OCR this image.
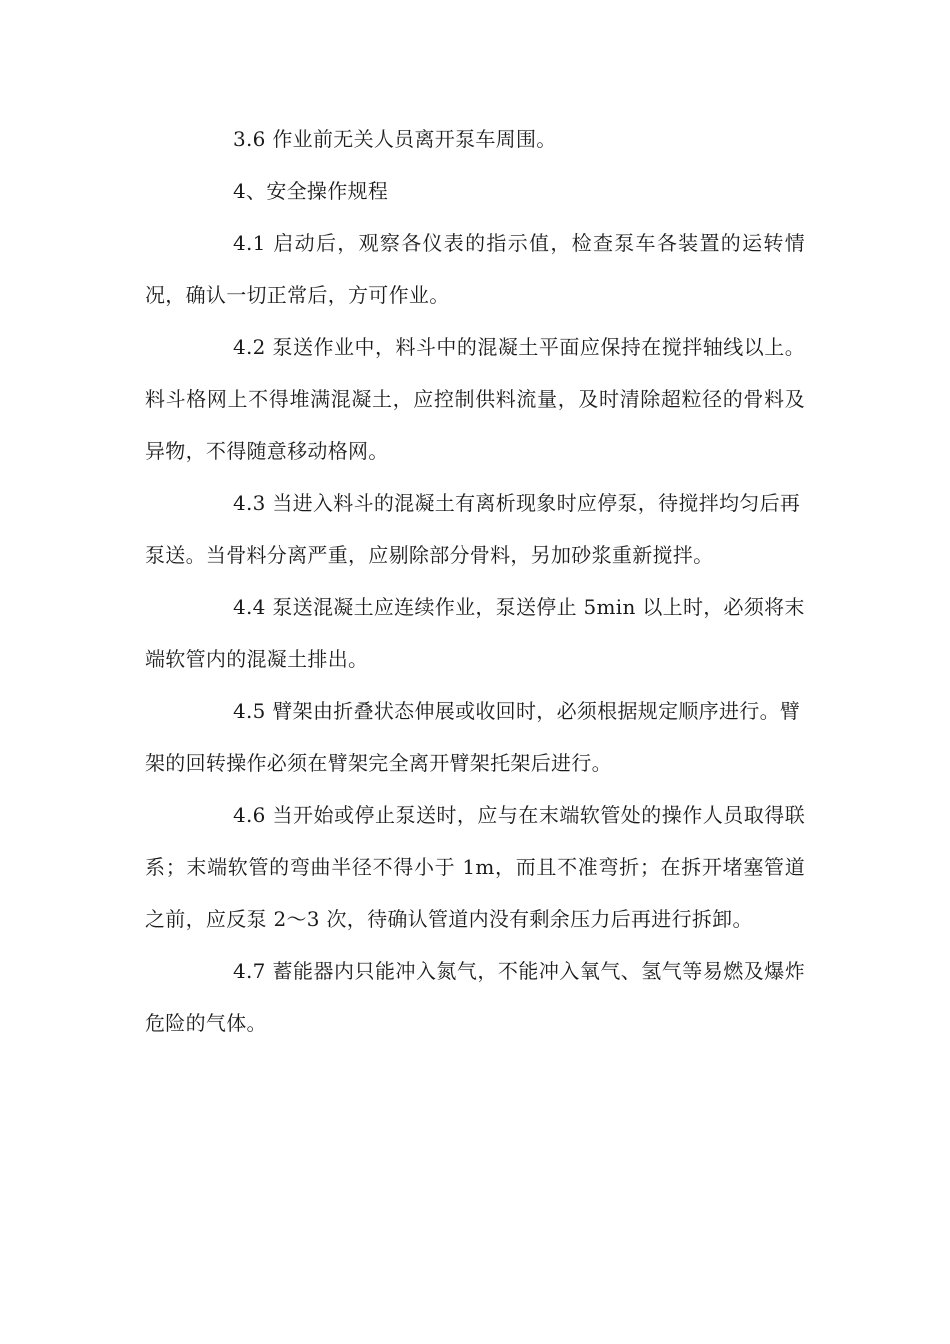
3.6 作业前无关人员离开泵车周围。

4、安全操作规程

4.1 启动后，观察各仪表的指示值，检查泵车各装置的运转情况，确认一切正常后，方可作业。

4.2 泵送作业中，料斗中的混凝土平面应保持在搅拌轴线以上。料斗格网上不得堆满混凝土，应控制供料流量，及时清除超粒径的骨料及异物，不得随意移动格网。

4.3 当进入料斗的混凝土有离析现象时应停泵，待搅拌均匀后再泵送。当骨料分离严重，应剔除部分骨料，另加砂浆重新搅拌。

4.4 泵送混凝土应连续作业，泵送停止 5min 以上时，必须将末端软管内的混凝土排出。

4.5 臂架由折叠状态伸展或收回时，必须根据规定顺序进行。臂架的回转操作必须在臂架完全离开臂架托架后进行。

4.6 当开始或停止泵送时，应与在末端软管处的操作人员取得联系；末端软管的弯曲半径不得小于 1m，而且不准弯折；在拆开堵塞管道之前，应反泵 2～3 次，待确认管道内没有剩余压力后再进行拆卸。

4.7 蓄能器内只能冲入氮气，不能冲入氧气、氢气等易燃及爆炸危险的气体。
